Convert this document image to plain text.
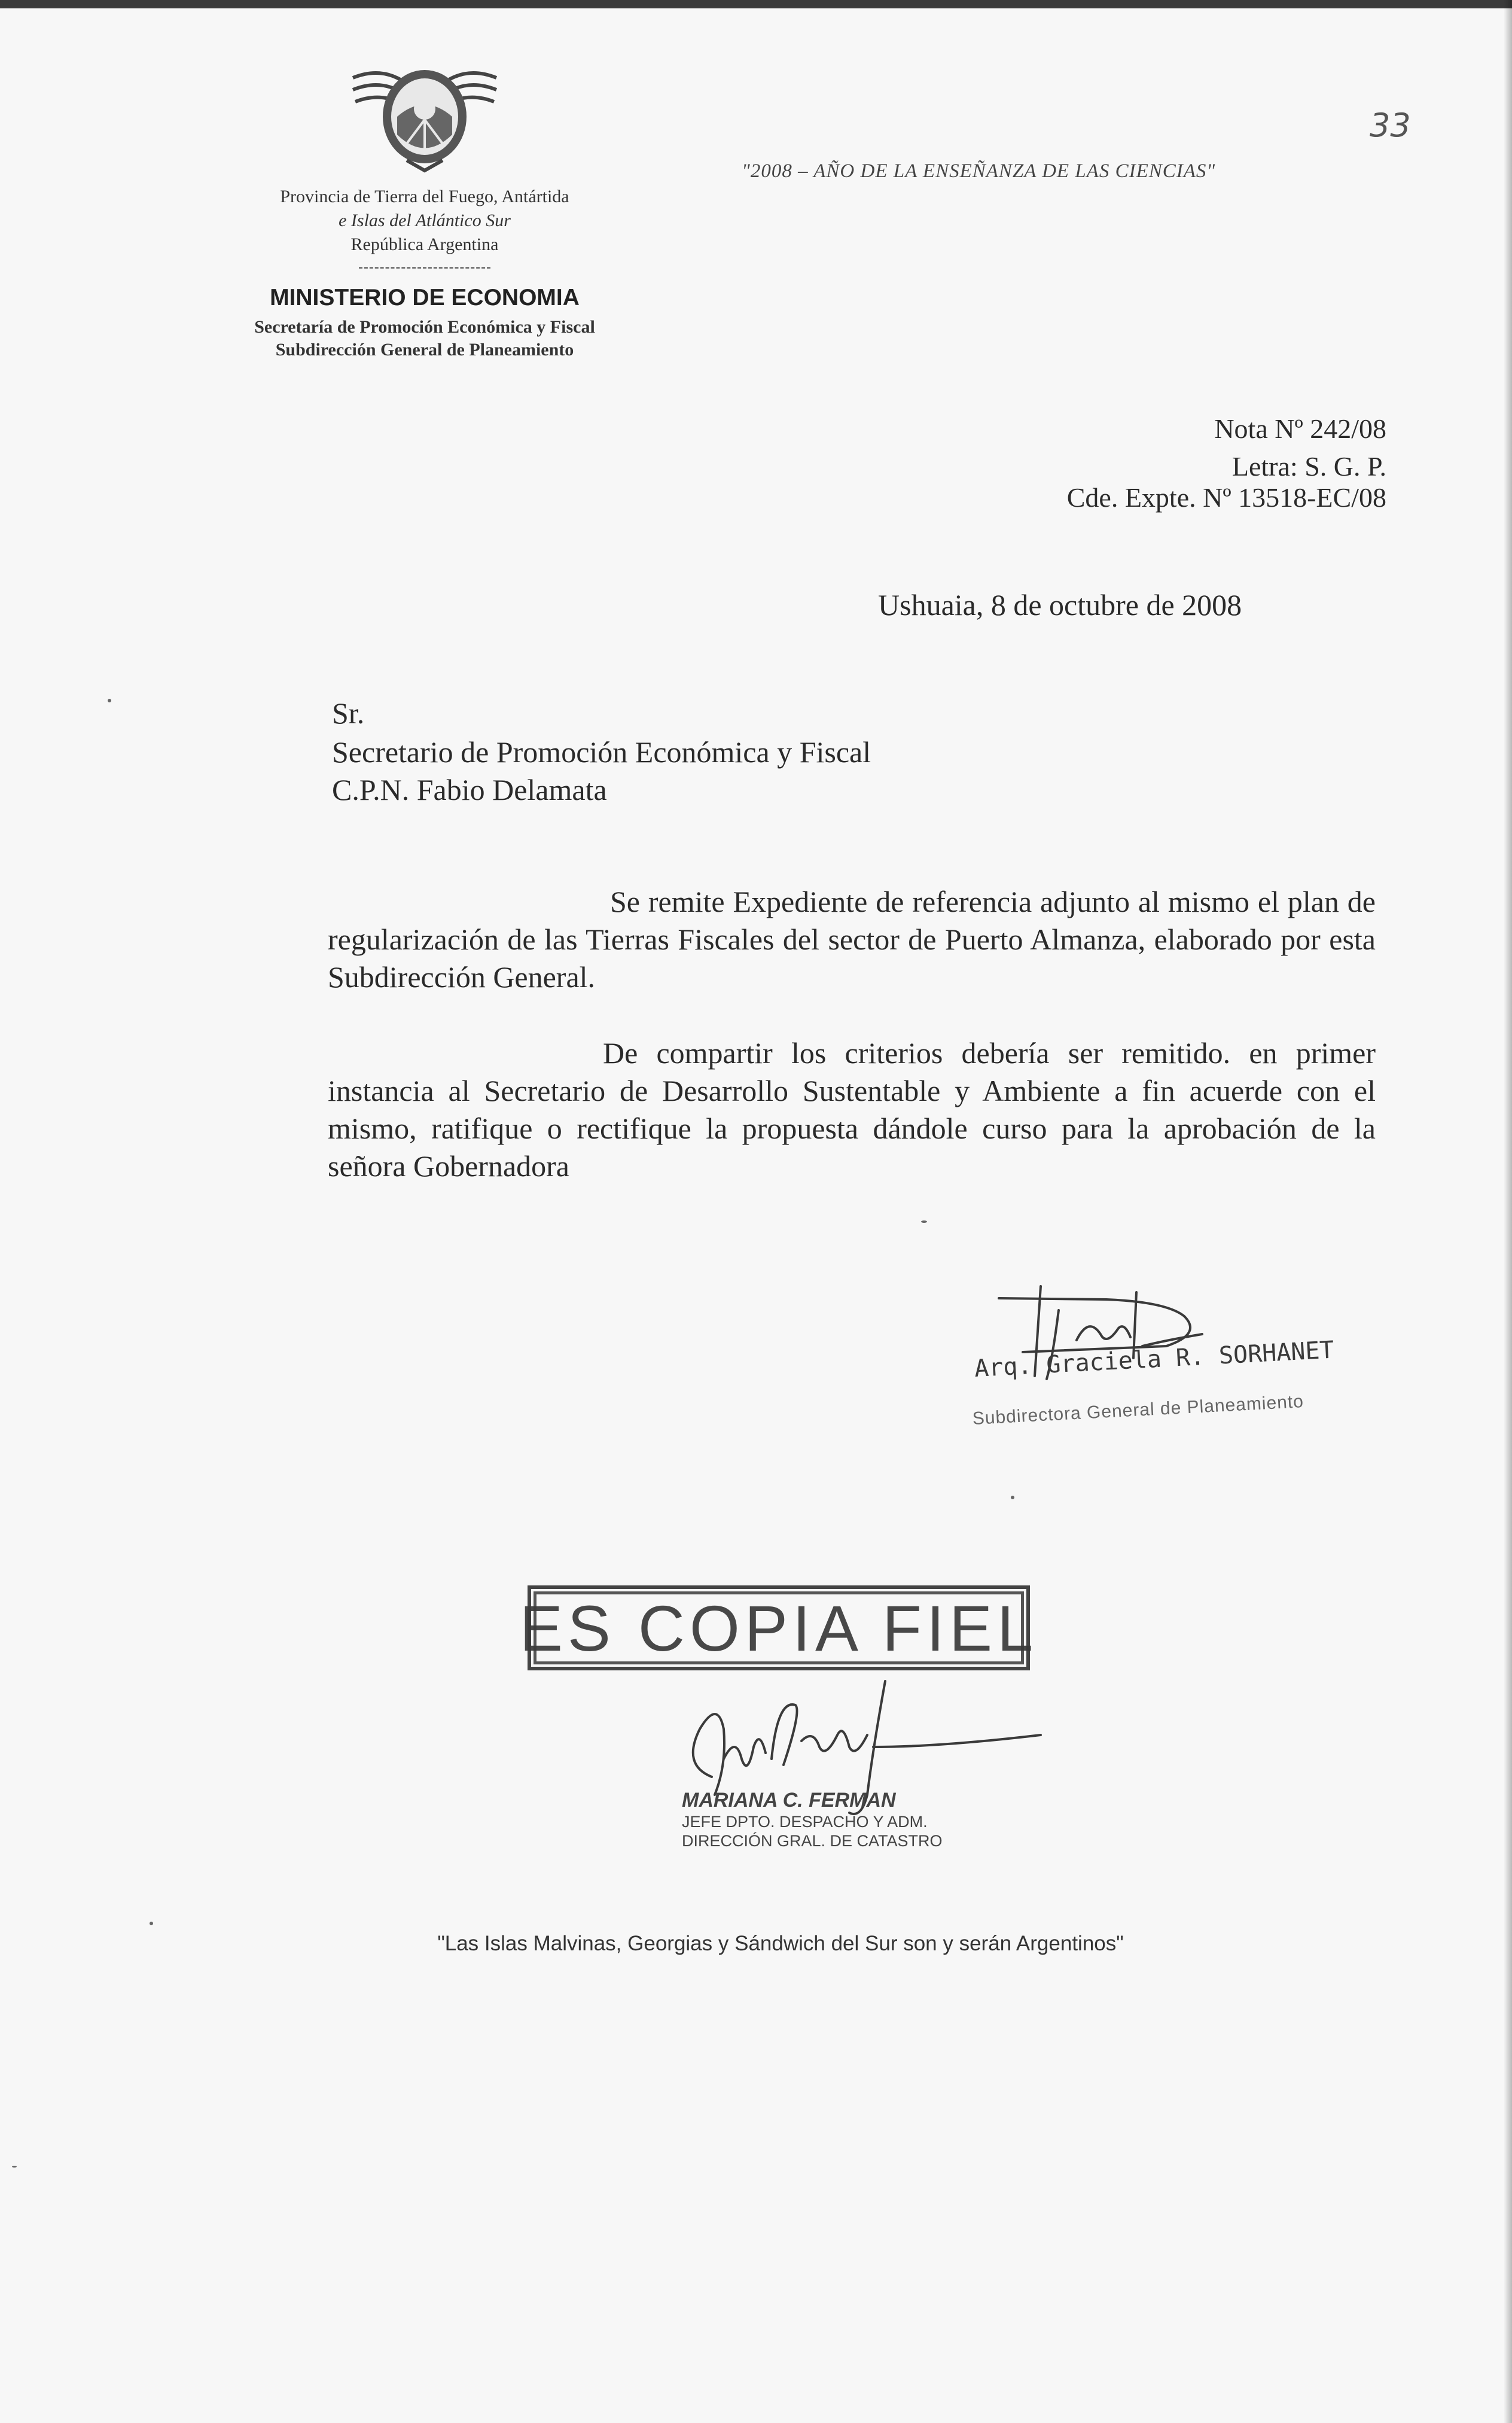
Provincia de Tierra del Fuego, Antártida
e Islas del Atlántico Sur
República Argentina
MINISTERIO DE ECONOMIA
Secretaría de Promoción Económica y Fiscal
Subdirección General de Planeamiento
"2008 – AÑO DE LA ENSEÑANZA DE LAS CIENCIAS"
33
Nota Nº 242/08
Letra: S. G. P.
Cde. Expte. Nº 13518-EC/08
Ushuaia, 8 de octubre de 2008
Sr.
Secretario de Promoción Económica y Fiscal
C.P.N. Fabio Delamata
Se remite Expediente de referencia adjunto al mismo el plan de regularización de las Tierras Fiscales del sector de Puerto Almanza, elaborado por esta Subdirección General.
De compartir los criterios debería ser remitido. en primer instancia al Secretario de Desarrollo Sustentable y Ambiente a fin acuerde con el mismo, ratifique o rectifique la propuesta dándole curso para la aprobación de la señora Gobernadora
Arq. Graciela R. SORHANET
Subdirectora General de Planeamiento
ES COPIA FIEL
MARIANA C. FERMAN
JEFE DPTO. DESPACHO Y ADM.
DIRECCIÓN GRAL. DE CATASTRO
"Las Islas Malvinas, Georgias y Sándwich del Sur son y serán Argentinos"
